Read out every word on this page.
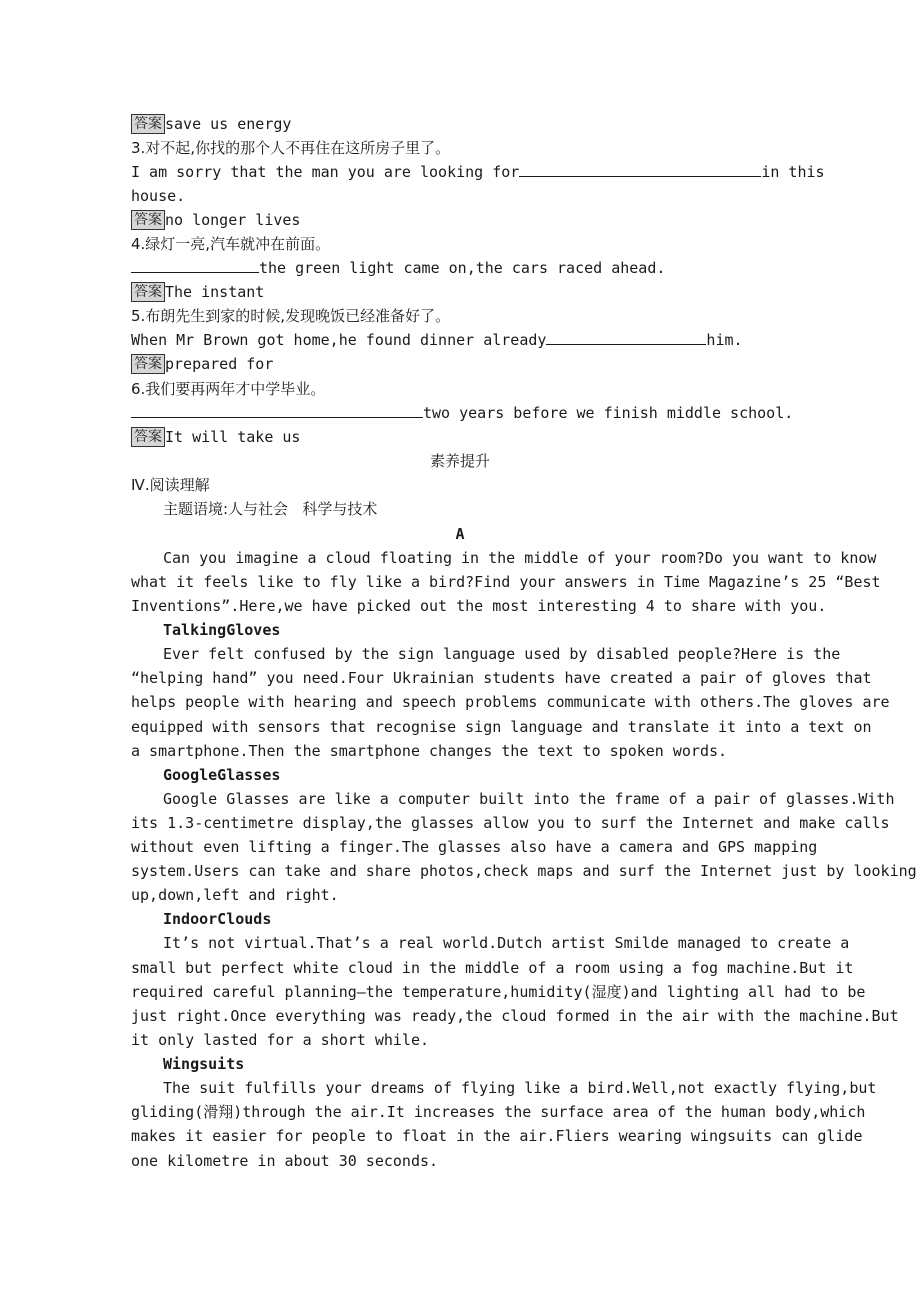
答案 save us energy
3.对不起,你找的那个人不再住在这所房子里了。
I am sorry that the man you are looking for	in this
house.
答案 no longer lives
4.绿灯一亮,汽车就冲在前面。
the green light came on,the cars raced ahead.
答案 The instant
5.布朗先生到家的时候,发现晚饭已经准备好了。
When Mr Brown got home,he found dinner already	him.
答案 prepared for
6.我们要再两年才中学毕业。
two years before we finish middle school.
答案 It will take us
素养提升
Ⅳ.阅读理解
主题语境:人与社会   科学与技术
A
Can you imagine a cloud floating in the middle of your room?Do you want to know
what it feels like to fly like a bird?Find your answers in Time Magazine’s 25 “Best
Inventions”.Here,we have picked out the most interesting 4 to share with you.
TalkingGloves
Ever felt confused by the sign language used by disabled people?Here is the
“helping hand” you need.Four Ukrainian students have created a pair of gloves that
helps people with hearing and speech problems communicate with others.The gloves are
equipped with sensors that recognise sign language and translate it into a text on
a smartphone.Then the smartphone changes the text to spoken words.
GoogleGlasses
Google Glasses are like a computer built into the frame of a pair of glasses.With
its 1.3-centimetre display,the glasses allow you to surf the Internet and make calls
without even lifting a finger.The glasses also have a camera and GPS mapping
system.Users can take and share photos,check maps and surf the Internet just by looking
up,down,left and right.
IndoorClouds
It’s not virtual.That’s a real world.Dutch artist Smilde managed to create a
small but perfect white cloud in the middle of a room using a fog machine.But it
required careful planning—the temperature,humidity(湿度)and lighting all had to be
just right.Once everything was ready,the cloud formed in the air with the machine.But
it only lasted for a short while.
Wingsuits
The suit fulfills your dreams of flying like a bird.Well,not exactly flying,but
gliding(滑翔)through the air.It increases the surface area of the human body,which
makes it easier for people to float in the air.Fliers wearing wingsuits can glide
one kilometre in about 30 seconds.
